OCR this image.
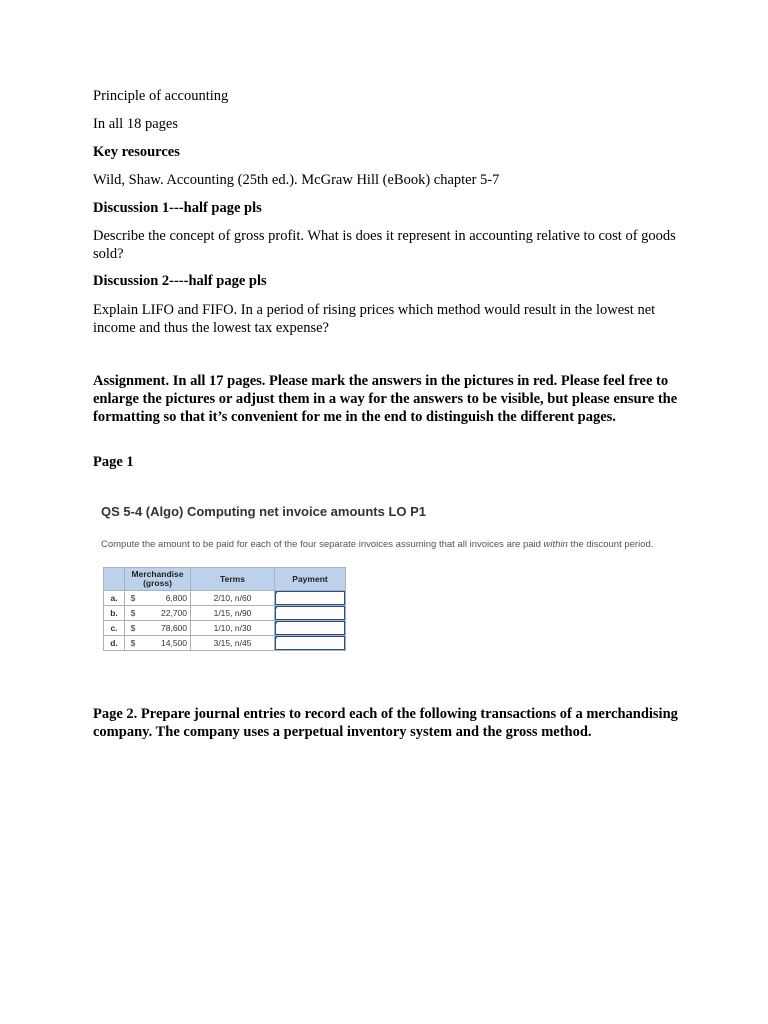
Principle of accounting
In all 18 pages
Key resources
Wild, Shaw. Accounting (25th ed.). McGraw Hill (eBook) chapter 5-7
Discussion 1---half page pls
Describe the concept of gross profit. What is does it represent in accounting relative to cost of goods sold?
Discussion 2----half page pls
Explain LIFO and FIFO. In a period of rising prices which method would result in the lowest net income and thus the lowest tax expense?
Assignment. In all 17 pages. Please mark the answers in the pictures in red. Please feel free to enlarge the pictures or adjust them in a way for the answers to be visible, but please ensure the formatting so that it’s convenient for me in the end to distinguish the different pages.
Page 1
QS 5-4 (Algo) Computing net invoice amounts LO P1
Compute the amount to be paid for each of the four separate invoices assuming that all invoices are paid within the discount period.
	Merchandise
(gross)		Terms	Payment
a.	$	6,800	2/10, n/60	

b.	$	22,700	1/15, n/90	

c.	$	78,600	1/10, n/30	

d.	$	14,500	3/15, n/45	
Page 2. Prepare journal entries to record each of the following transactions of a merchandising company. The company uses a perpetual inventory system and the gross method.
